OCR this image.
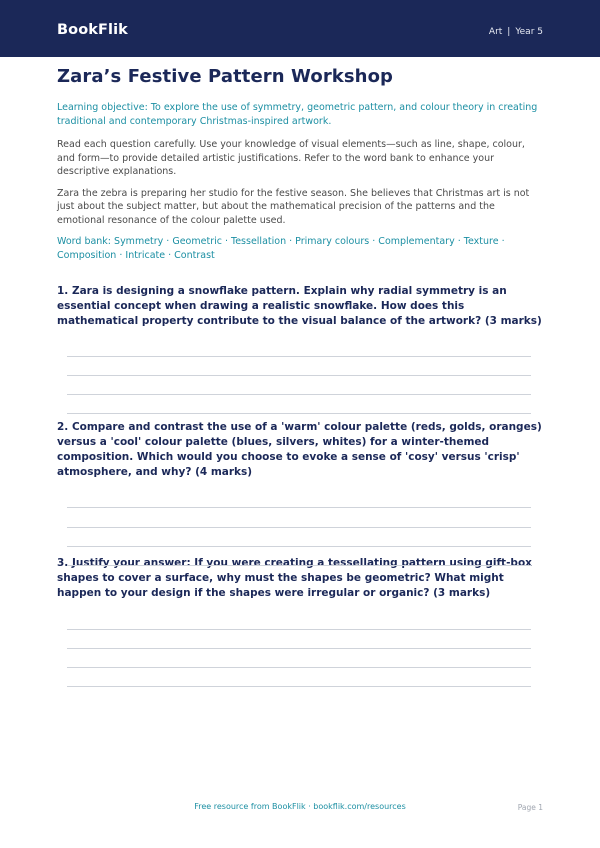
BookFlik	Art | Year 5
Zara’s Festive Pattern Workshop

Learning objective: To explore the use of symmetry, geometric pattern, and colour theory in creating traditional and contemporary Christmas-inspired artwork.

Read each question carefully. Use your knowledge of visual elements—such as line, shape, colour, and form—to provide detailed artistic justifications. Refer to the word bank to enhance your descriptive explanations.

Zara the zebra is preparing her studio for the festive season. She believes that Christmas art is not just about the subject matter, but about the mathematical precision of the patterns and the emotional resonance of the colour palette used.

Word bank: Symmetry · Geometric · Tessellation · Primary colours · Complementary · Texture · Composition · Intricate · Contrast

1. Zara is designing a snowflake pattern. Explain why radial symmetry is an essential concept when drawing a realistic snowflake. How does this mathematical property contribute to the visual balance of the artwork? (3 marks)
2. Compare and contrast the use of a 'warm' colour palette (reds, golds, oranges) versus a 'cool' colour palette (blues, silvers, whites) for a winter-themed composition. Which would you choose to evoke a sense of 'cosy' versus 'crisp' atmosphere, and why? (4 marks)
3. Justify your answer: If you were creating a tessellating pattern using gift-box shapes to cover a surface, why must the shapes be geometric? What might happen to your design if the shapes were irregular or organic? (3 marks)
Free resource from BookFlik · bookflik.com/resources	Page 1
